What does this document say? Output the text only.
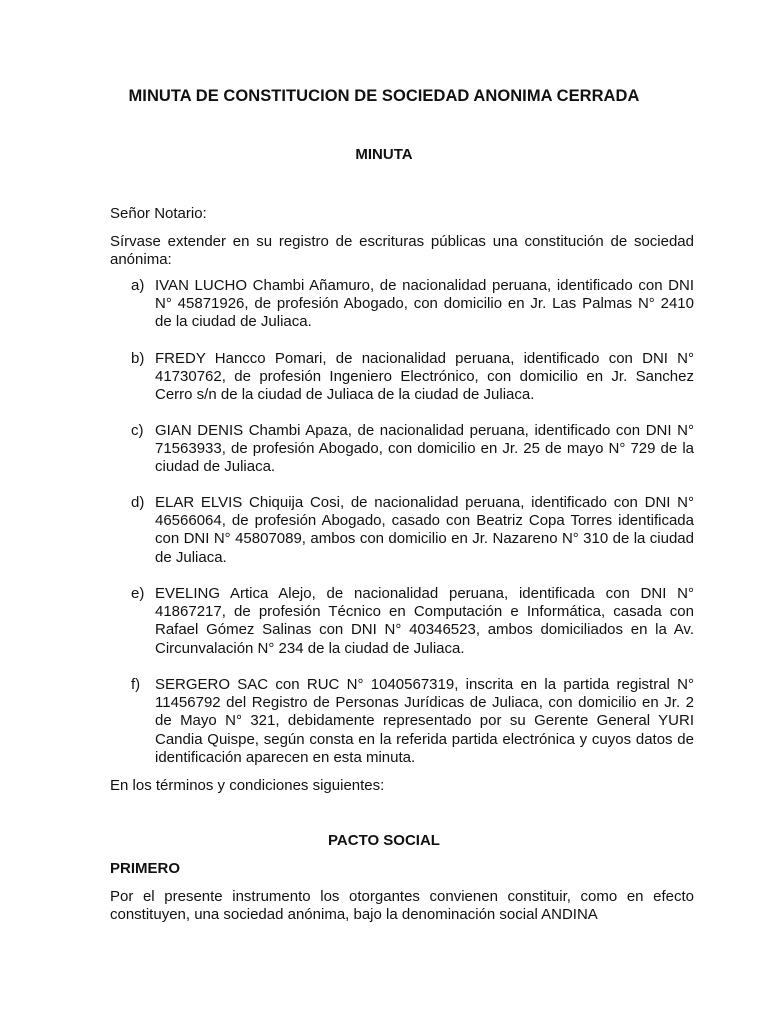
MINUTA DE CONSTITUCION DE SOCIEDAD ANONIMA CERRADA
MINUTA

Señor Notario:

Sírvase extender en su registro de escrituras públicas una constitución de sociedad anónima:

a) IVAN LUCHO Chambi Añamuro, de nacionalidad peruana, identificado con DNI N° 45871926, de profesión Abogado, con domicilio en Jr. Las Palmas N° 2410 de la ciudad de Juliaca.

b) FREDY Hancco Pomari, de nacionalidad peruana, identificado con DNI N° 41730762, de profesión Ingeniero Electrónico, con domicilio en Jr. Sanchez Cerro s/n de la ciudad de Juliaca de la ciudad de Juliaca.

c) GIAN DENIS Chambi Apaza, de nacionalidad peruana, identificado con DNI N° 71563933, de profesión Abogado, con domicilio en Jr. 25 de mayo N° 729 de la ciudad de Juliaca.

d) ELAR ELVIS Chiquija Cosi, de nacionalidad peruana, identificado con DNI N° 46566064, de profesión Abogado, casado con Beatriz Copa Torres identificada con DNI N° 45807089, ambos con domicilio en Jr. Nazareno N° 310 de la ciudad de Juliaca.

e) EVELING Artica Alejo, de nacionalidad peruana, identificada con DNI N° 41867217, de profesión Técnico en Computación e Informática, casada con Rafael Gómez Salinas con DNI N° 40346523, ambos domiciliados en la Av. Circunvalación N° 234 de la ciudad de Juliaca.

f) SERGERO SAC con RUC N° 1040567319, inscrita en la partida registral N° 11456792 del Registro de Personas Jurídicas de Juliaca, con domicilio en Jr. 2 de Mayo N° 321, debidamente representado por su Gerente General YURI Candia Quispe, según consta en la referida partida electrónica y cuyos datos de identificación aparecen en esta minuta.

En los términos y condiciones siguientes:

PACTO SOCIAL
PRIMERO

Por el presente instrumento los otorgantes convienen constituir, como en efecto constituyen, una sociedad anónima, bajo la denominación social ANDINA
